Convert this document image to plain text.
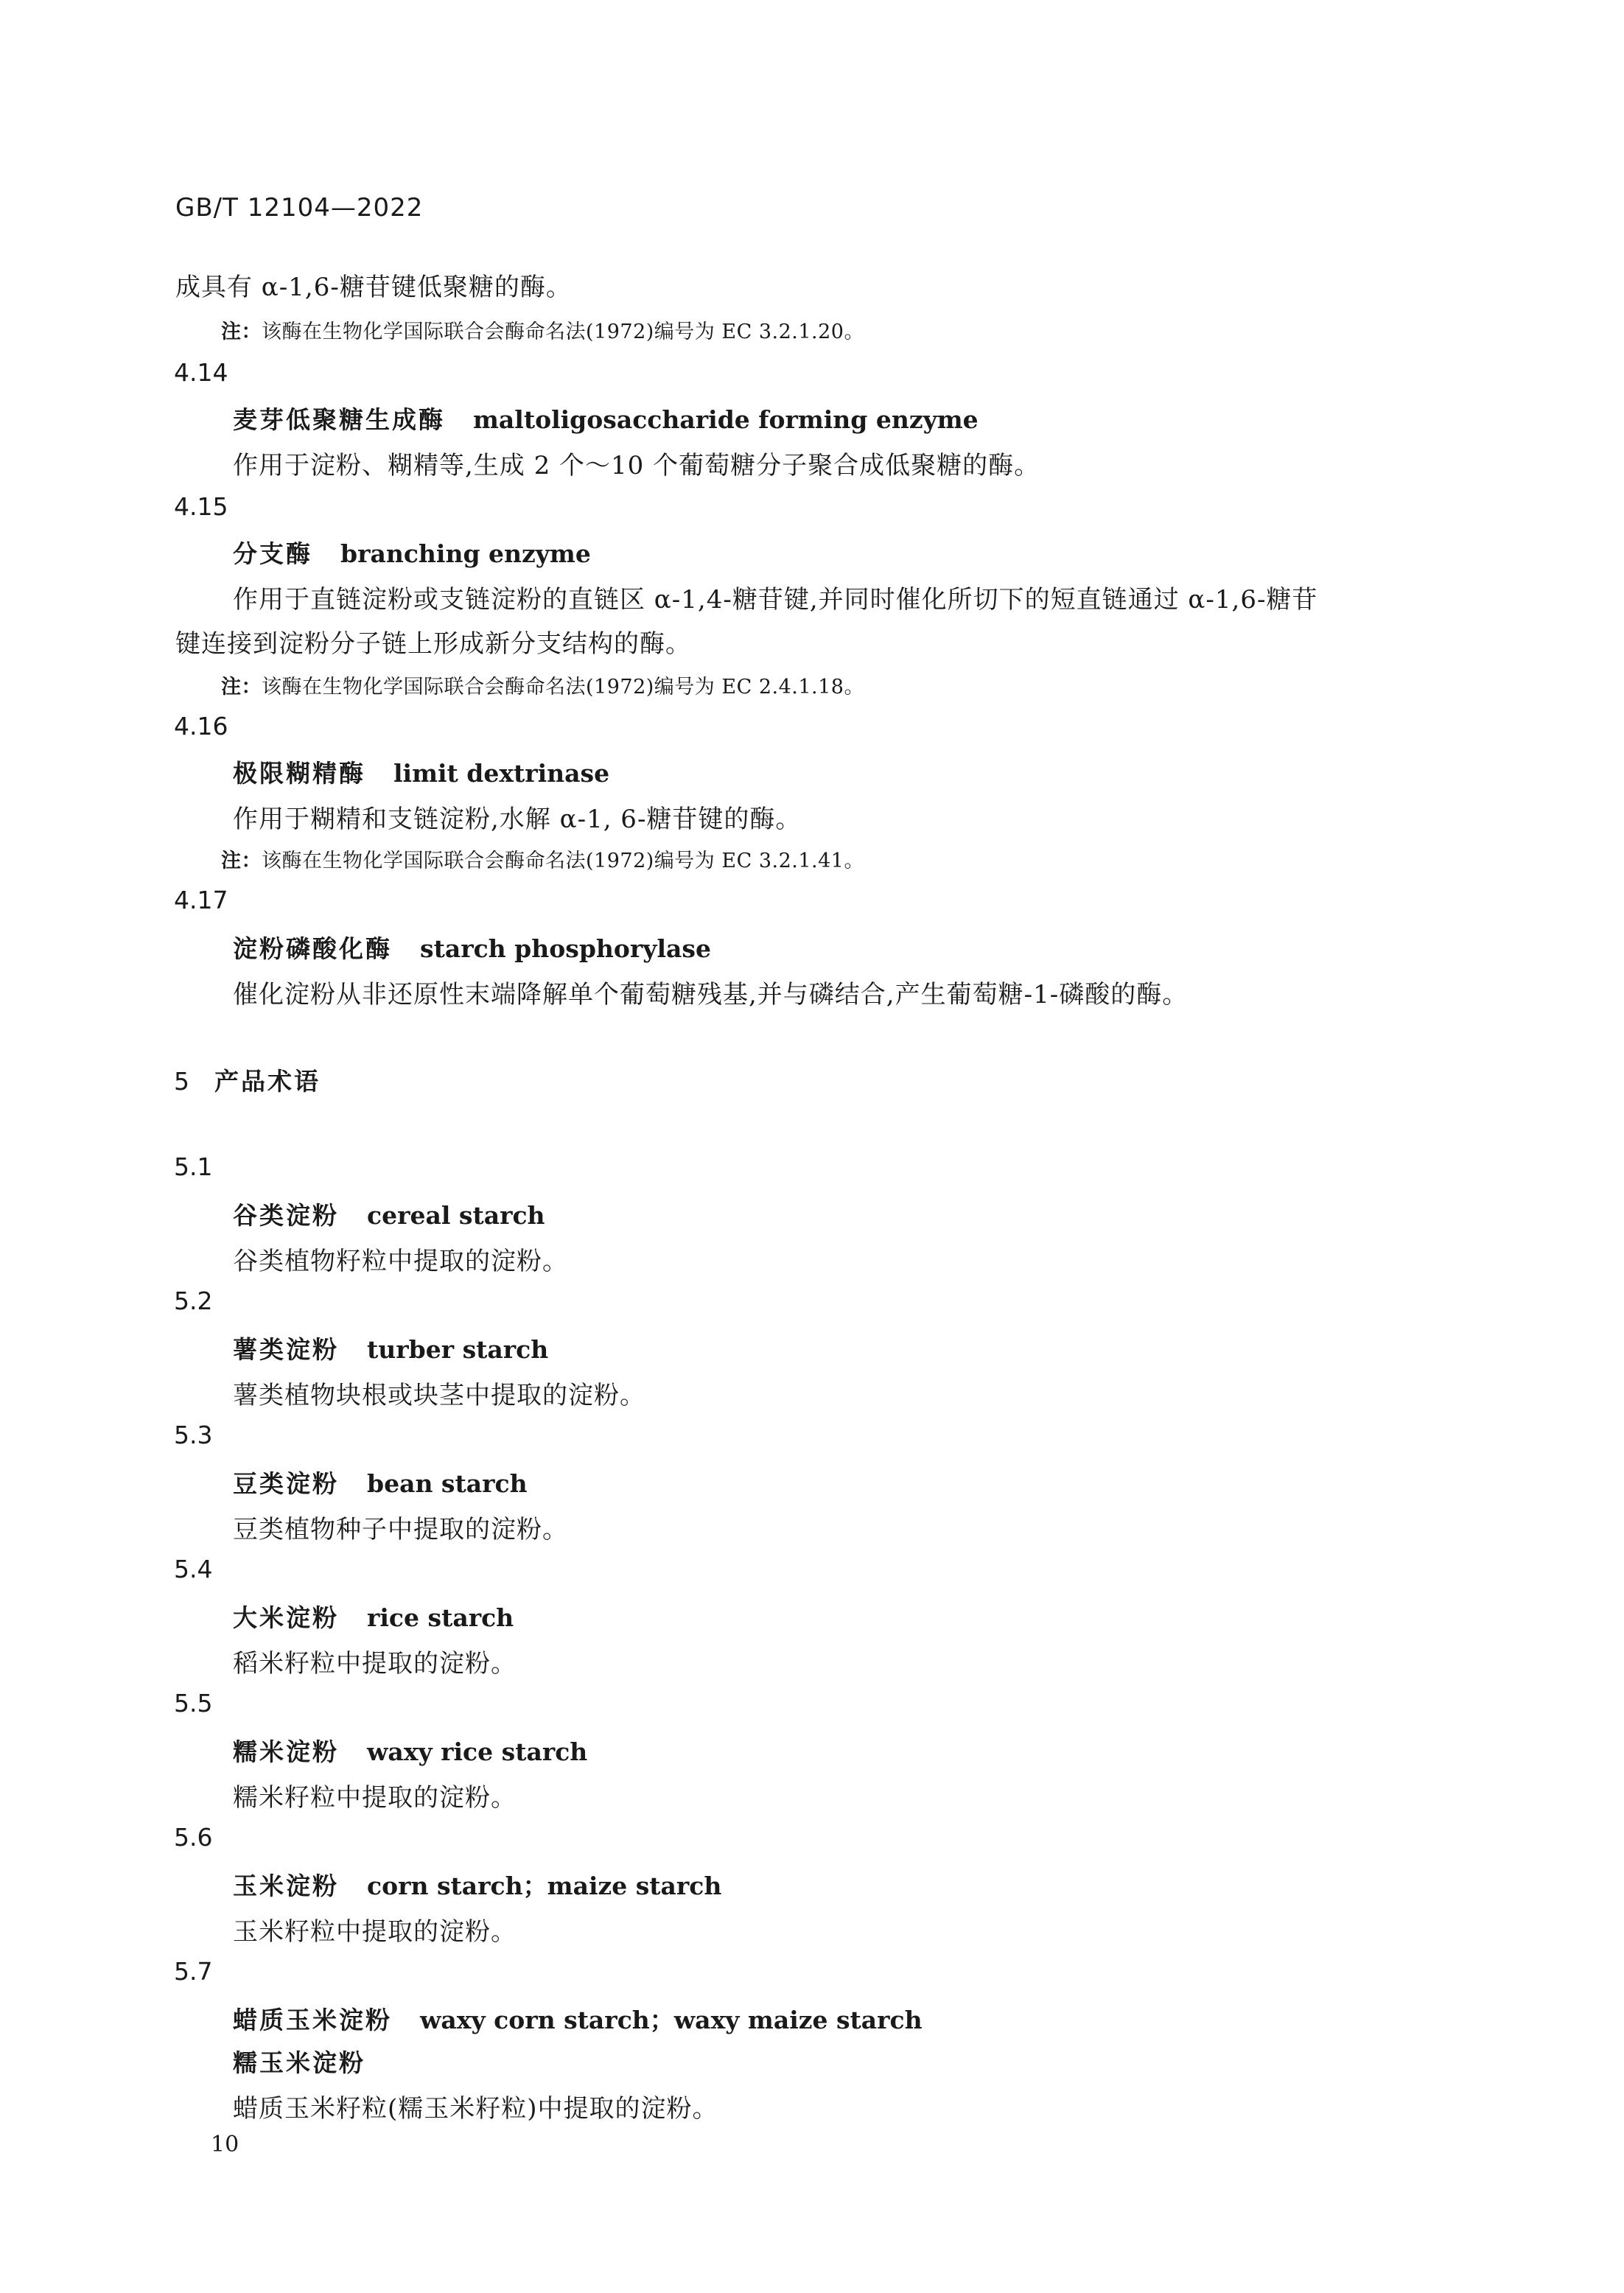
GB/T 12104—2022
成具有 α-1,6-糖苷键低聚糖的酶。
注：该酶在生物化学国际联合会酶命名法(1972)编号为 EC 3.2.1.20。
4.14
麦芽低聚糖生成酶 maltoligosaccharide forming enzyme
作用于淀粉、糊精等,生成 2 个～10 个葡萄糖分子聚合成低聚糖的酶。
4.15
分支酶 branching enzyme
作用于直链淀粉或支链淀粉的直链区 α-1,4-糖苷键,并同时催化所切下的短直链通过 α-1,6-糖苷
键连接到淀粉分子链上形成新分支结构的酶。
注：该酶在生物化学国际联合会酶命名法(1972)编号为 EC 2.4.1.18。
4.16
极限糊精酶 limit dextrinase
作用于糊精和支链淀粉,水解 α-1, 6-糖苷键的酶。
注：该酶在生物化学国际联合会酶命名法(1972)编号为 EC 3.2.1.41。
4.17
淀粉磷酸化酶 starch phosphorylase
催化淀粉从非还原性末端降解单个葡萄糖残基,并与磷结合,产生葡萄糖-1-磷酸的酶。
5 产品术语
5.1
谷类淀粉 cereal starch
谷类植物籽粒中提取的淀粉。
5.2
薯类淀粉 turber starch
薯类植物块根或块茎中提取的淀粉。
5.3
豆类淀粉 bean starch
豆类植物种子中提取的淀粉。
5.4
大米淀粉 rice starch
稻米籽粒中提取的淀粉。
5.5
糯米淀粉 waxy rice starch
糯米籽粒中提取的淀粉。
5.6
玉米淀粉 corn starch；maize starch
玉米籽粒中提取的淀粉。
5.7
蜡质玉米淀粉 waxy corn starch；waxy maize starch
糯玉米淀粉
蜡质玉米籽粒(糯玉米籽粒)中提取的淀粉。
10
